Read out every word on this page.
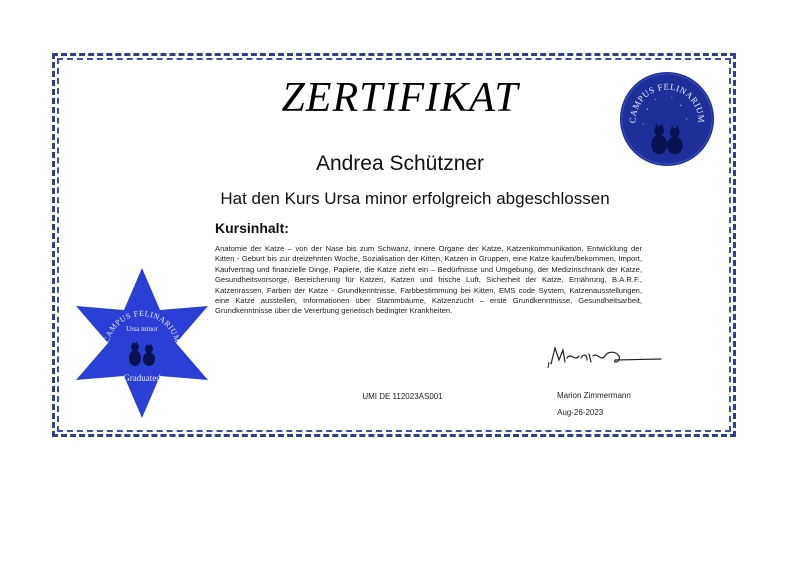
ZERTIFIKAT
Andrea Schützner
Hat den Kurs Ursa minor erfolgreich abgeschlossen
Kursinhalt:
Anatomie der Katze – von der Nase bis zum Schwanz, innere Organe der Katze, Katzenkommunikation, Entwicklung der Kitten - Geburt bis zur dreizehnten Woche, Sozialisation der Kitten, Katzen in Gruppen, eine Katze kaufen/bekommen, Import, Kaufvertrag und finanzielle Dinge, Papiere, die Katze zieht ein – Bedürfnisse und Umgebung, der Medizinschrank der Katze, Gesundheitsvorsorge, Bereicherung für Katzen, Katzen und frische Luft, Sicherheit der Katze, Ernährung, B.A.R.F., Katzenrassen, Farben der Katze - Grundkenntnisse, Farbbestimmung bei Kitten, EMS code System, Katzenausstellungen, eine Katze ausstellen, Informationen über Stammbäume, Katzenzucht – erste Grundkenntnisse, Gesundheitsarbeit, Grundkenntnisse über die Vererbung genetisch bedingter Krankheiten.
CAMPUS FELINARIUM
CAMPUS FELINARIUM
Ursa minor
Graduated
UMI DE 112023AS001	Marion Zimmermann
Aug-26-2023
